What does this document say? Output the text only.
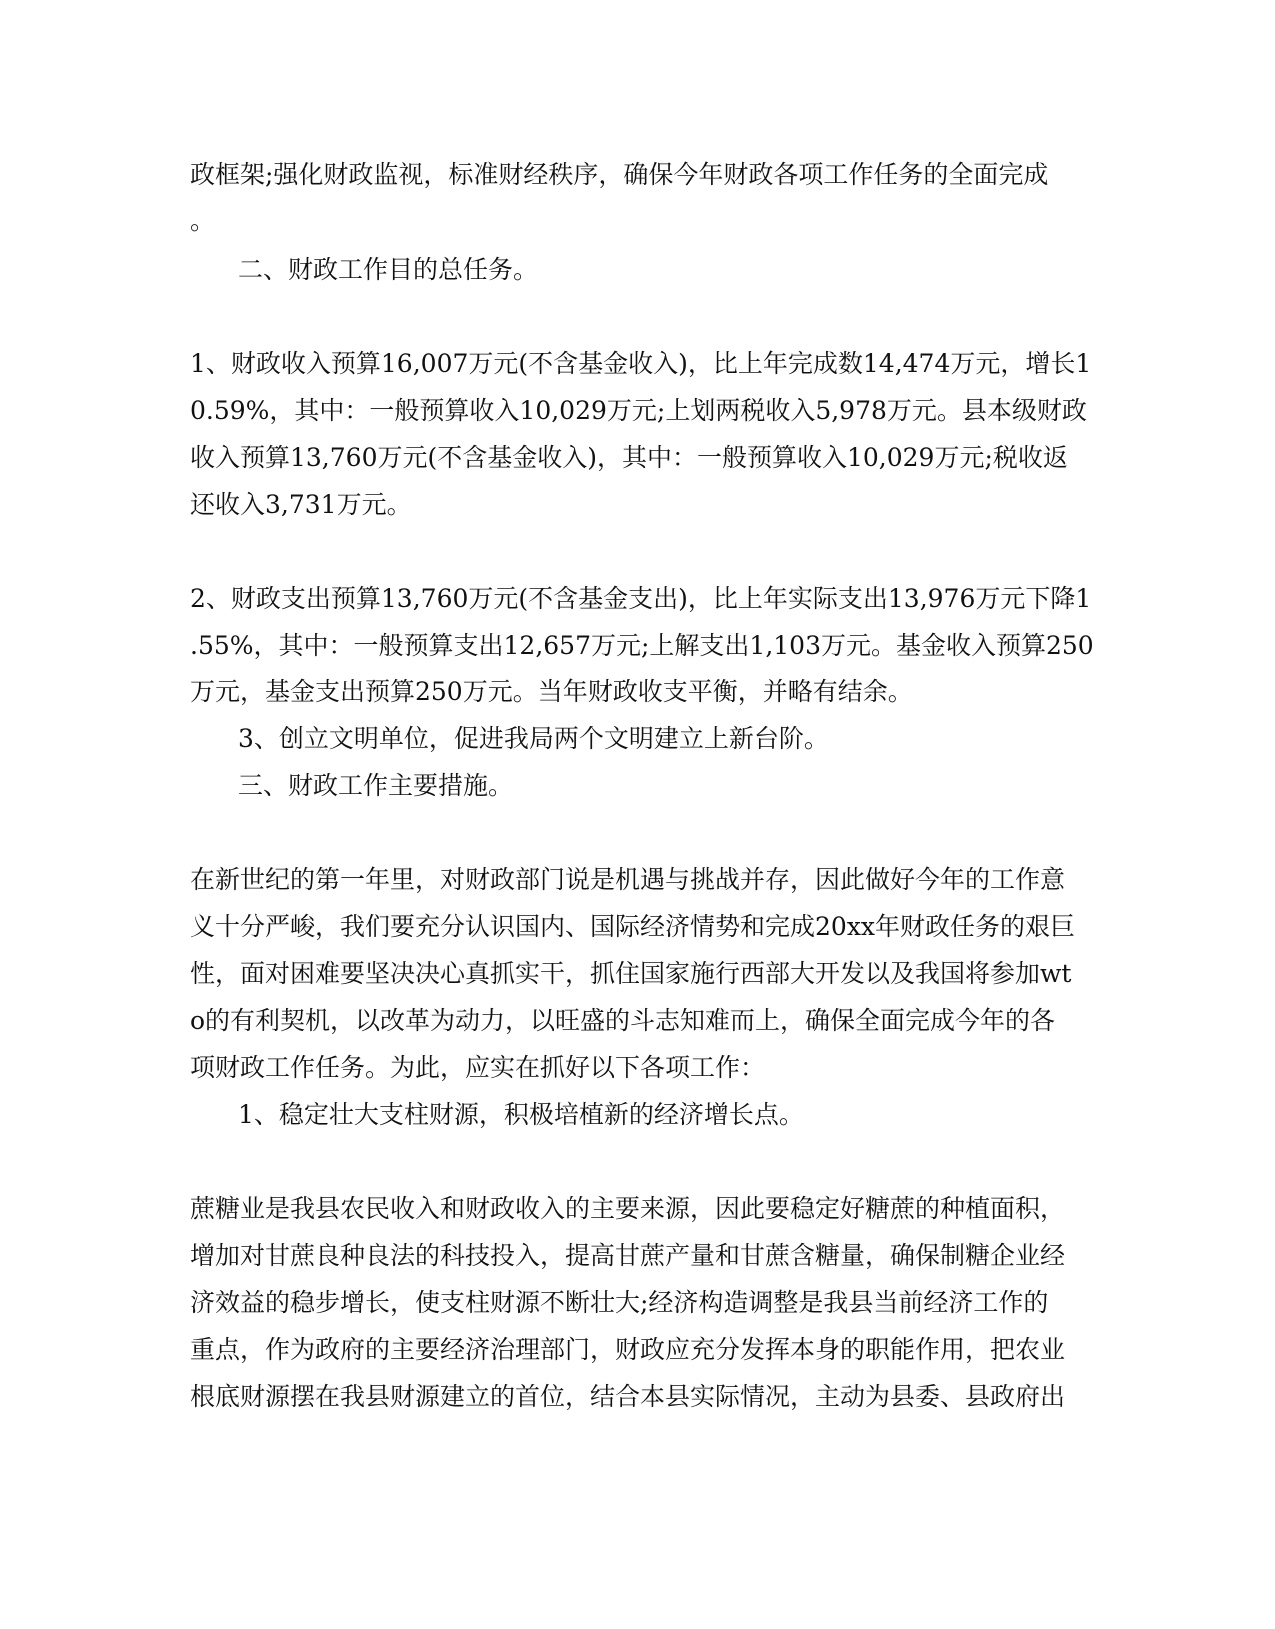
政框架;强化财政监视，标准财经秩序，确保今年财政各项工作任务的全面完成
。
二、财政工作目的总任务。
1、财政收入预算16,007万元(不含基金收入)，比上年完成数14,474万元，增长1
0.59%，其中：一般预算收入10,029万元;上划两税收入5,978万元。县本级财政
收入预算13,760万元(不含基金收入)，其中：一般预算收入10,029万元;税收返
还收入3,731万元。
2、财政支出预算13,760万元(不含基金支出)，比上年实际支出13,976万元下降1
.55%，其中：一般预算支出12,657万元;上解支出1,103万元。基金收入预算250
万元，基金支出预算250万元。当年财政收支平衡，并略有结余。
3、创立文明单位，促进我局两个文明建立上新台阶。
三、财政工作主要措施。
在新世纪的第一年里，对财政部门说是机遇与挑战并存，因此做好今年的工作意
义十分严峻，我们要充分认识国内、国际经济情势和完成20xx年财政任务的艰巨
性，面对困难要坚决决心真抓实干，抓住国家施行西部大开发以及我国将参加wt
o的有利契机，以改革为动力，以旺盛的斗志知难而上，确保全面完成今年的各
项财政工作任务。为此，应实在抓好以下各项工作：
1、稳定壮大支柱财源，积极培植新的经济增长点。
蔗糖业是我县农民收入和财政收入的主要来源，因此要稳定好糖蔗的种植面积，
增加对甘蔗良种良法的科技投入，提高甘蔗产量和甘蔗含糖量，确保制糖企业经
济效益的稳步增长，使支柱财源不断壮大;经济构造调整是我县当前经济工作的
重点，作为政府的主要经济治理部门，财政应充分发挥本身的职能作用，把农业
根底财源摆在我县财源建立的首位，结合本县实际情况，主动为县委、县政府出
